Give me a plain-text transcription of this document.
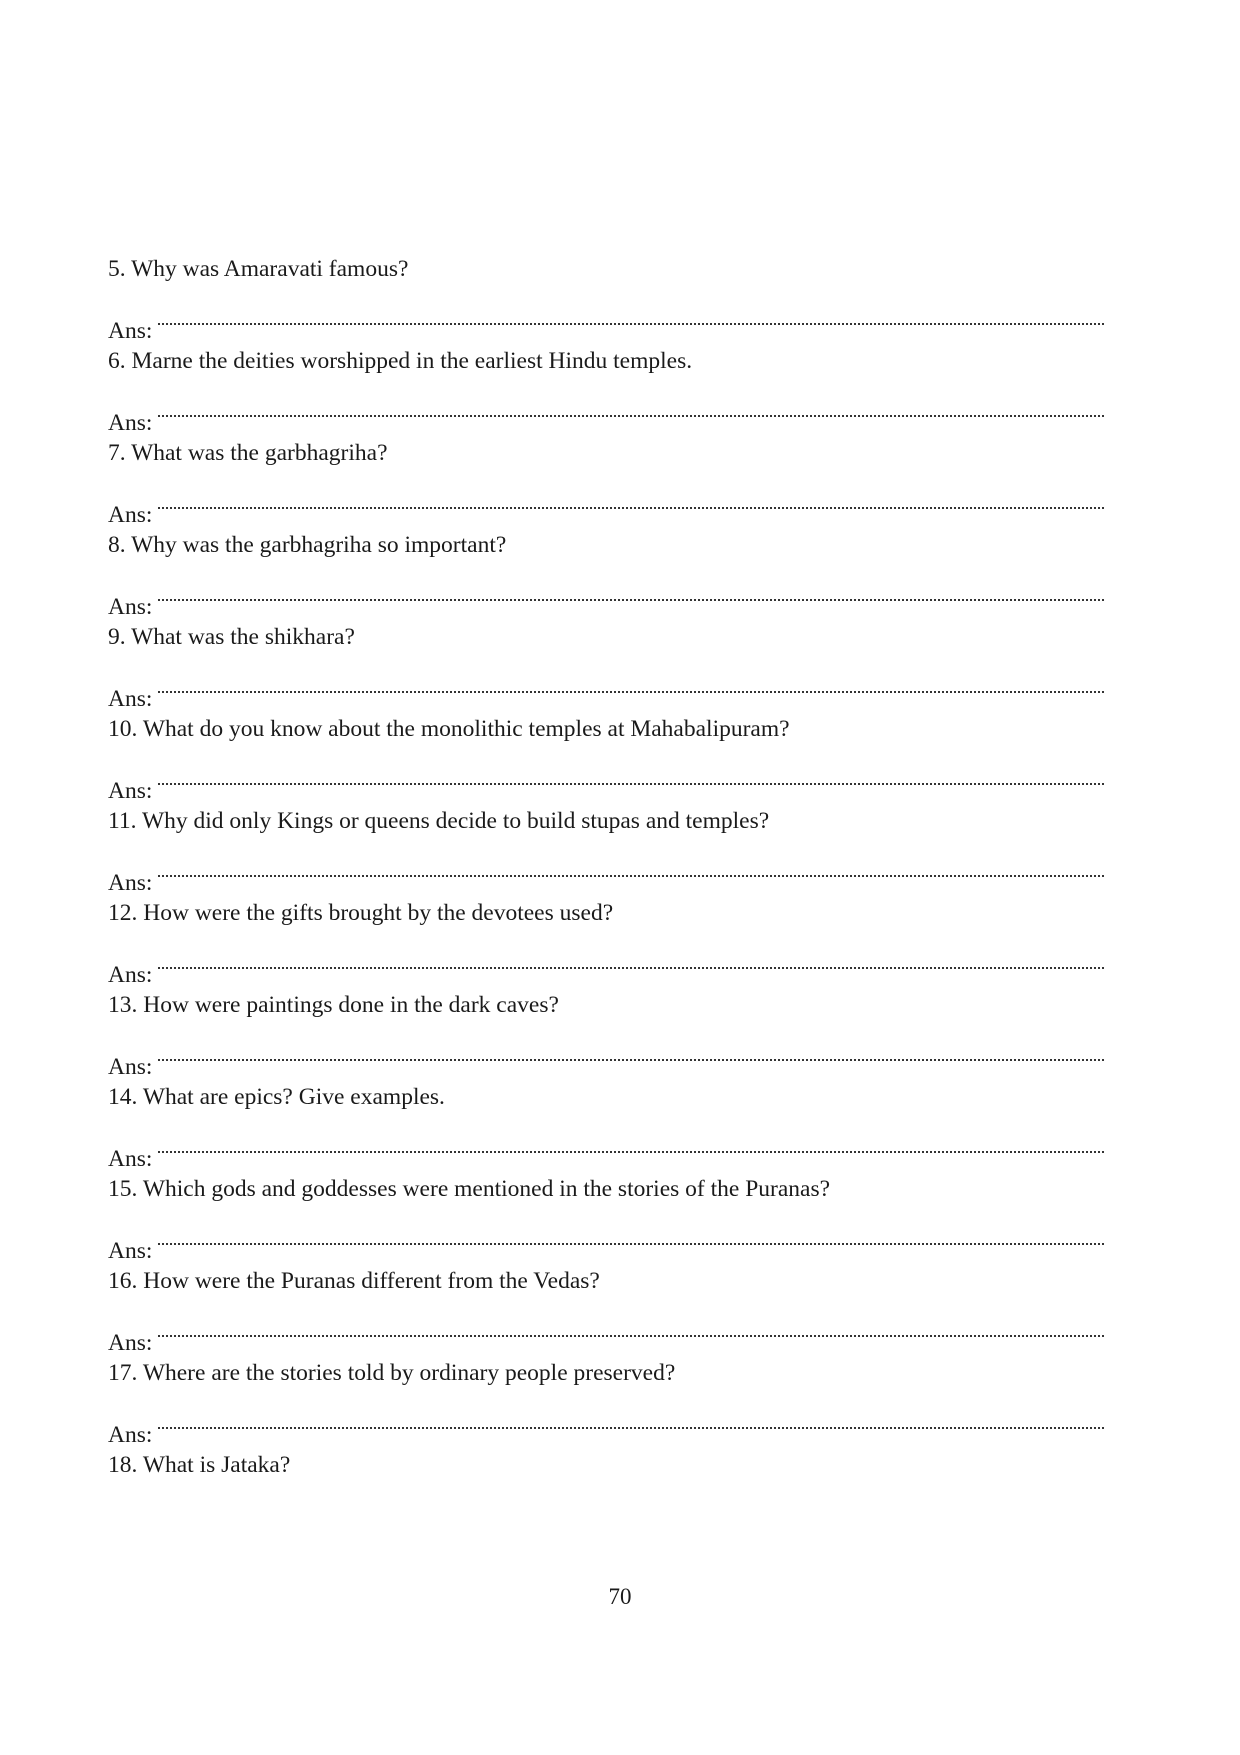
5. Why was Amaravati famous?
Ans:
6. Marne the deities worshipped in the earliest Hindu temples.
Ans:
7. What was the garbhagriha?
Ans:
8. Why was the garbhagriha so important?
Ans:
9. What was the shikhara?
Ans:
10. What do you know about the monolithic temples at Mahabalipuram?
Ans:
11. Why did only Kings or queens decide to build stupas and temples?
Ans:
12. How were the gifts brought by the devotees used?
Ans:
13. How were paintings done in the dark caves?
Ans:
14. What are epics? Give examples.
Ans:
15. Which gods and goddesses were mentioned in the stories of the Puranas?
Ans:
16. How were the Puranas different from the Vedas?
Ans:
17. Where are the stories told by ordinary people preserved?
Ans:
18. What is Jataka?
70
